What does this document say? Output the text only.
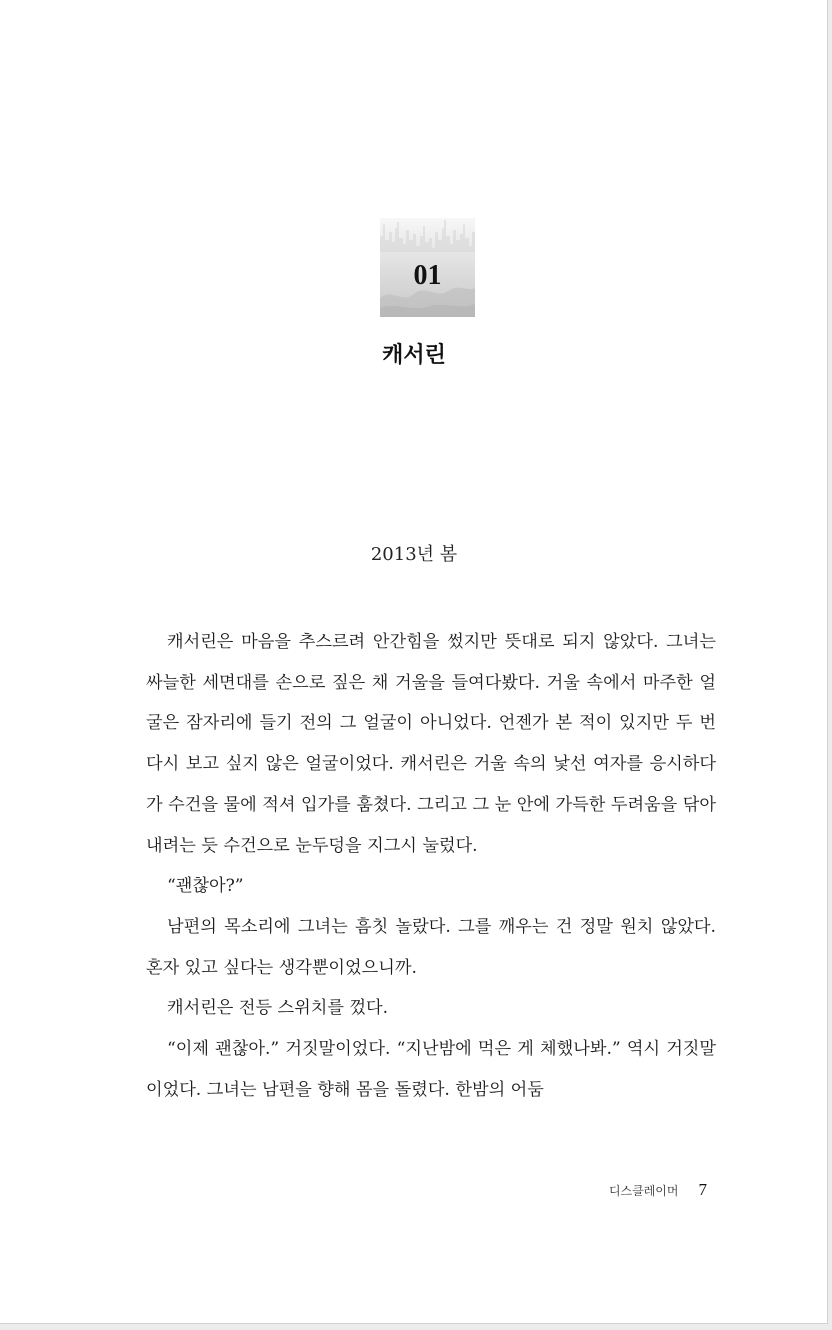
01
캐서린
2013년 봄

캐서린은 마음을 추스르려 안간힘을 썼지만 뜻대로 되지 않았다. 그녀는 싸늘한 세면대를 손으로 짚은 채 거울을 들여다봤다. 거울 속에서 마주한 얼굴은 잠자리에 들기 전의 그 얼굴이 아니었다. 언젠가 본 적이 있지만 두 번 다시 보고 싶지 않은 얼굴이었다. 캐서린은 거울 속의 낯선 여자를 응시하다가 수건을 물에 적셔 입가를 훔쳤다. 그리고 그 눈 안에 가득한 두려움을 닦아내려는 듯 수건으로 눈두덩을 지그시 눌렀다.

“괜찮아?”

남편의 목소리에 그녀는 흠칫 놀랐다. 그를 깨우는 건 정말 원치 않았다. 혼자 있고 싶다는 생각뿐이었으니까.

캐서린은 전등 스위치를 껐다.

“이제 괜찮아.” 거짓말이었다. “지난밤에 먹은 게 체했나봐.” 역시 거짓말이었다. 그녀는 남편을 향해 몸을 돌렸다. 한밤의 어둠

디스클레이머 7
